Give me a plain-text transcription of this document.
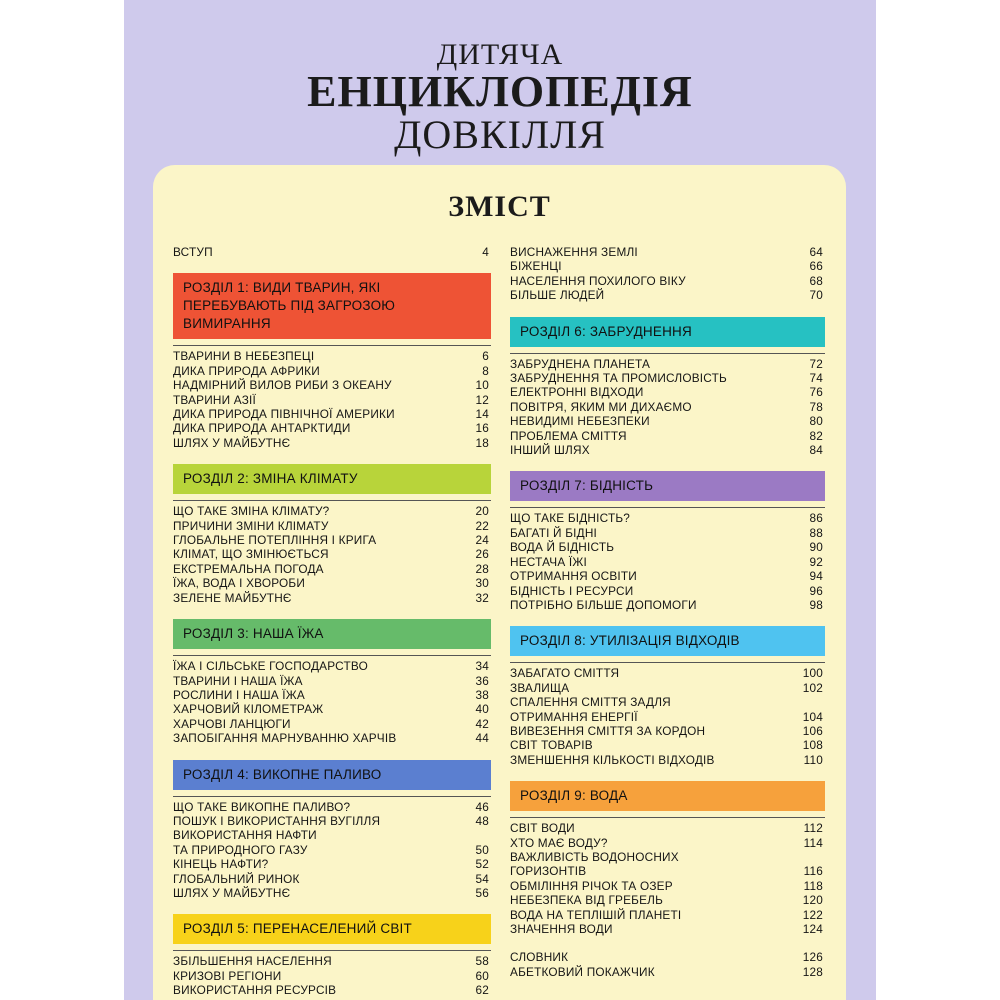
ДИТЯЧА
ЕНЦИКЛОПЕДІЯ
ДОВКІЛЛЯ
ЗМІСТ
ВСТУП	4
РОЗДІЛ 1: ВИДИ ТВАРИН, ЯКІ ПЕРЕБУВАЮТЬ ПІД ЗАГРОЗОЮ ВИМИРАННЯ
ТВАРИНИ В НЕБЕЗПЕЦІ	6
ДИКА ПРИРОДА АФРИКИ	8
НАДМІРНИЙ ВИЛОВ РИБИ З ОКЕАНУ	10
ТВАРИНИ АЗІЇ	12
ДИКА ПРИРОДА ПІВНІЧНОЇ АМЕРИКИ	14
ДИКА ПРИРОДА АНТАРКТИДИ	16
ШЛЯХ У МАЙБУТНЄ	18
РОЗДІЛ 2: ЗМІНА КЛІМАТУ
ЩО ТАКЕ ЗМІНА КЛІМАТУ?	20
ПРИЧИНИ ЗМІНИ КЛІМАТУ	22
ГЛОБАЛЬНЕ ПОТЕПЛІННЯ І КРИГА	24
КЛІМАТ, ЩО ЗМІНЮЄТЬСЯ	26
ЕКСТРЕМАЛЬНА ПОГОДА	28
ЇЖА, ВОДА І ХВОРОБИ	30
ЗЕЛЕНЕ МАЙБУТНЄ	32
РОЗДІЛ 3: НАША ЇЖА
ЇЖА І СІЛЬСЬКЕ ГОСПОДАРСТВО	34
ТВАРИНИ І НАША ЇЖА	36
РОСЛИНИ І НАША ЇЖА	38
ХАРЧОВИЙ КІЛОМЕТРАЖ	40
ХАРЧОВІ ЛАНЦЮГИ	42
ЗАПОБІГАННЯ МАРНУВАННЮ ХАРЧІВ	44
РОЗДІЛ 4: ВИКОПНЕ ПАЛИВО
ЩО ТАКЕ ВИКОПНЕ ПАЛИВО?	46
ПОШУК І ВИКОРИСТАННЯ ВУГІЛЛЯ	48
ВИКОРИСТАННЯ НАФТИ
ТА ПРИРОДНОГО ГАЗУ	50
КІНЕЦЬ НАФТИ?	52
ГЛОБАЛЬНИЙ РИНОК	54
ШЛЯХ У МАЙБУТНЄ	56
РОЗДІЛ 5: ПЕРЕНАСЕЛЕНИЙ СВІТ
ЗБІЛЬШЕННЯ НАСЕЛЕННЯ	58
КРИЗОВІ РЕГІОНИ	60
ВИКОРИСТАННЯ РЕСУРСІВ	62
ВИСНАЖЕННЯ ЗЕМЛІ	64
БІЖЕНЦІ	66
НАСЕЛЕННЯ ПОХИЛОГО ВІКУ	68
БІЛЬШЕ ЛЮДЕЙ	70
РОЗДІЛ 6: ЗАБРУДНЕННЯ
ЗАБРУДНЕНА ПЛАНЕТА	72
ЗАБРУДНЕННЯ ТА ПРОМИСЛОВІСТЬ	74
ЕЛЕКТРОННІ ВІДХОДИ	76
ПОВІТРЯ, ЯКИМ МИ ДИХАЄМО	78
НЕВИДИМІ НЕБЕЗПЕКИ	80
ПРОБЛЕМА СМІТТЯ	82
ІНШИЙ ШЛЯХ	84
РОЗДІЛ 7: БІДНІСТЬ
ЩО ТАКЕ БІДНІСТЬ?	86
БАГАТІ Й БІДНІ	88
ВОДА Й БІДНІСТЬ	90
НЕСТАЧА ЇЖІ	92
ОТРИМАННЯ ОСВІТИ	94
БІДНІСТЬ І РЕСУРСИ	96
ПОТРІБНО БІЛЬШЕ ДОПОМОГИ	98
РОЗДІЛ 8: УТИЛІЗАЦІЯ ВІДХОДІВ
ЗАБАГАТО СМІТТЯ	100
ЗВАЛИЩА	102
СПАЛЕННЯ СМІТТЯ ЗАДЛЯ
ОТРИМАННЯ ЕНЕРГІЇ	104
ВИВЕЗЕННЯ СМІТТЯ ЗА КОРДОН	106
СВІТ ТОВАРІВ	108
ЗМЕНШЕННЯ КІЛЬКОСТІ ВІДХОДІВ	110
РОЗДІЛ 9: ВОДА
СВІТ ВОДИ	112
ХТО МАЄ ВОДУ?	114
ВАЖЛИВІСТЬ ВОДОНОСНИХ
ГОРИЗОНТІВ	116
ОБМІЛІННЯ РІЧОК ТА ОЗЕР	118
НЕБЕЗПЕКА ВІД ГРЕБЕЛЬ	120
ВОДА НА ТЕПЛІШІЙ ПЛАНЕТІ	122
ЗНАЧЕННЯ ВОДИ	124
СЛОВНИК	126
АБЕТКОВИЙ ПОКАЖЧИК	128
